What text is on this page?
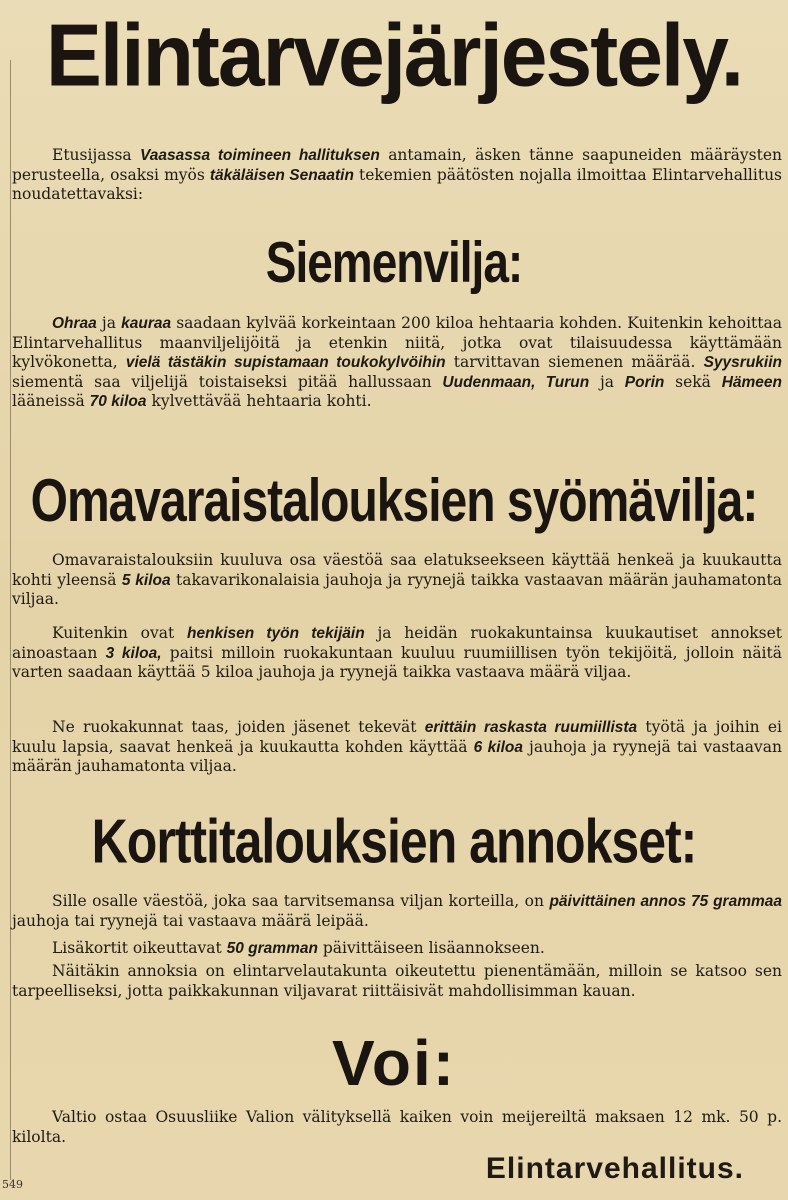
Elintarvejärjestely.
Etusijassa Vaasassa toimineen hallituksen antamain, äsken tänne saapuneiden määräysten perusteella, osaksi myös täkäläisen Senaatin tekemien päätösten nojalla ilmoittaa Elintarvehallitus noudatettavaksi:
Siemenvilja:
Ohraa ja kauraa saadaan kylvää korkeintaan 200 kiloa hehtaaria kohden. Kuitenkin kehoittaa Elintarvehallitus maanviljelijöitä ja etenkin niitä, jotka ovat tilaisuudessa käyttämään kylvökonetta, vielä tästäkin supistamaan toukokylvöihin tarvittavan siemenen määrää. Syysrukiin siementä saa viljelijä toistaiseksi pitää hallussaan Uudenmaan, Turun ja Porin sekä Hämeen lääneissä 70 kiloa kylvettävää hehtaaria kohti.
Omavaraistalouksien syömävilja:
Omavaraistalouksiin kuuluva osa väestöä saa elatukseekseen käyttää henkeä ja kuukautta kohti yleensä 5 kiloa takavarikonalaisia jauhoja ja ryynejä taikka vastaavan määrän jauhamatonta viljaa.
Kuitenkin ovat henkisen työn tekijäin ja heidän ruokakuntainsa kuukautiset annokset ainoastaan 3 kiloa, paitsi milloin ruokakuntaan kuuluu ruumiillisen työn tekijöitä, jolloin näitä varten saadaan käyttää 5 kiloa jauhoja ja ryynejä taikka vastaava määrä viljaa.
Ne ruokakunnat taas, joiden jäsenet tekevät erittäin raskasta ruumiillista työtä ja joihin ei kuulu lapsia, saavat henkeä ja kuukautta kohden käyttää 6 kiloa jauhoja ja ryynejä tai vastaavan määrän jauhamatonta viljaa.
Korttitalouksien annokset:
Sille osalle väestöä, joka saa tarvitsemansa viljan korteilla, on päivittäinen annos 75 grammaa jauhoja tai ryynejä tai vastaava määrä leipää.
Lisäkortit oikeuttavat 50 gramman päivittäiseen lisäannokseen.
Näitäkin annoksia on elintarvelautakunta oikeutettu pienentämään, milloin se katsoo sen tarpeelliseksi, jotta paikkakunnan viljavarat riittäisivät mahdollisimman kauan.
Voi:
Valtio ostaa Osuusliike Valion välityksellä kaiken voin meijereiltä maksaen 12 mk. 50 p. kilolta.
Elintarvehallitus.
549
